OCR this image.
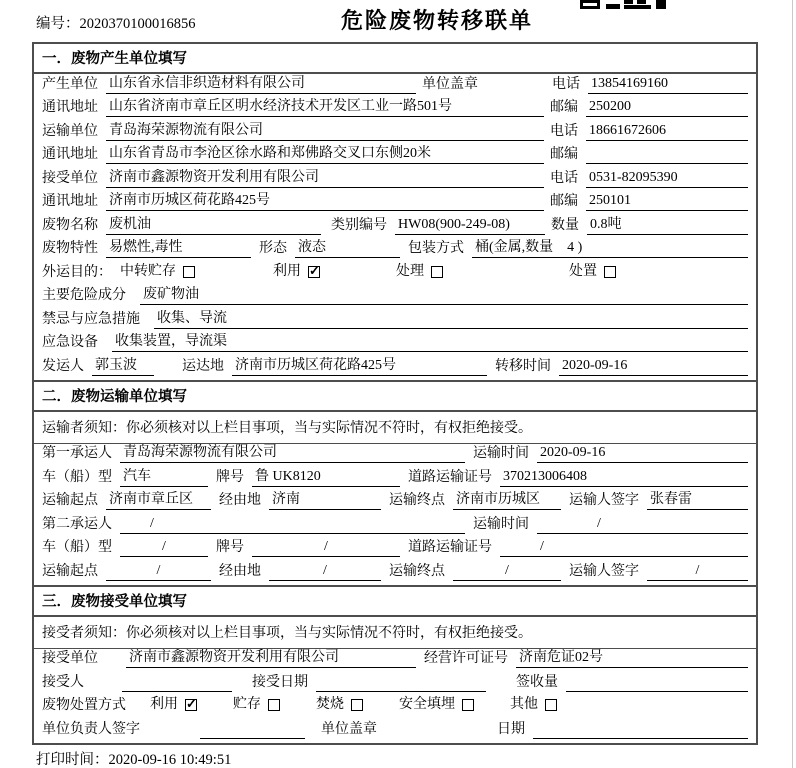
编号：2020370100016856	危险废物转移联单
一．废物产生单位填写
产生单位 山东省永信非织造材料有限公司	单位盖章	电话 13854169160
通讯地址 山东省济南市章丘区明水经济技术开发区工业一路501号	邮编 250200
运输单位 青岛海荣源物流有限公司	电话 18661672606
通讯地址 山东省青岛市李沧区徐水路和郑佛路交叉口东侧20米	邮编
接受单位 济南市鑫源物资开发利用有限公司	电话 0531-82095390
通讯地址 济南市历城区荷花路425号	邮编 250101
废物名称 废机油	类别编号 HW08(900-249-08)	数量 0.8吨
废物特性 易燃性,毒性	形态 液态	包装方式 桶(金属,数量　4 )
外运目的： 中转贮存	利用 ✓	处理	处置
主要危险成分 废矿物油
禁忌与应急措施 收集、导流
应急设备 收集装置，导流渠
发运人 郭玉波	运达地 济南市历城区荷花路425号	转移时间 2020-09-16
二．废物运输单位填写
运输者须知：你必须核对以上栏目事项，当与实际情况不符时，有权拒绝接受。
第一承运人 青岛海荣源物流有限公司	运输时间 2020-09-16
车（船）型 汽车	牌号 鲁 UK8120	道路运输证号 370213006408
运输起点 济南市章丘区	经由地 济南	运输终点 济南市历城区	运输人签字 张春雷
第二承运人	/	运输时间	/
车（船）型	/	牌号	/	道路运输证号	/
运输起点	/	经由地	/	运输终点	/	运输人签字	/
三．废物接受单位填写
接受者须知：你必须核对以上栏目事项，当与实际情况不符时，有权拒绝接受。
接受单位 济南市鑫源物资开发利用有限公司	经营许可证号 济南危证02号
接受人	接受日期	签收量
废物处置方式 利用 ✓	贮存	焚烧	安全填埋	其他
单位负责人签字	单位盖章	日期
打印时间：2020-09-16 10:49:51
